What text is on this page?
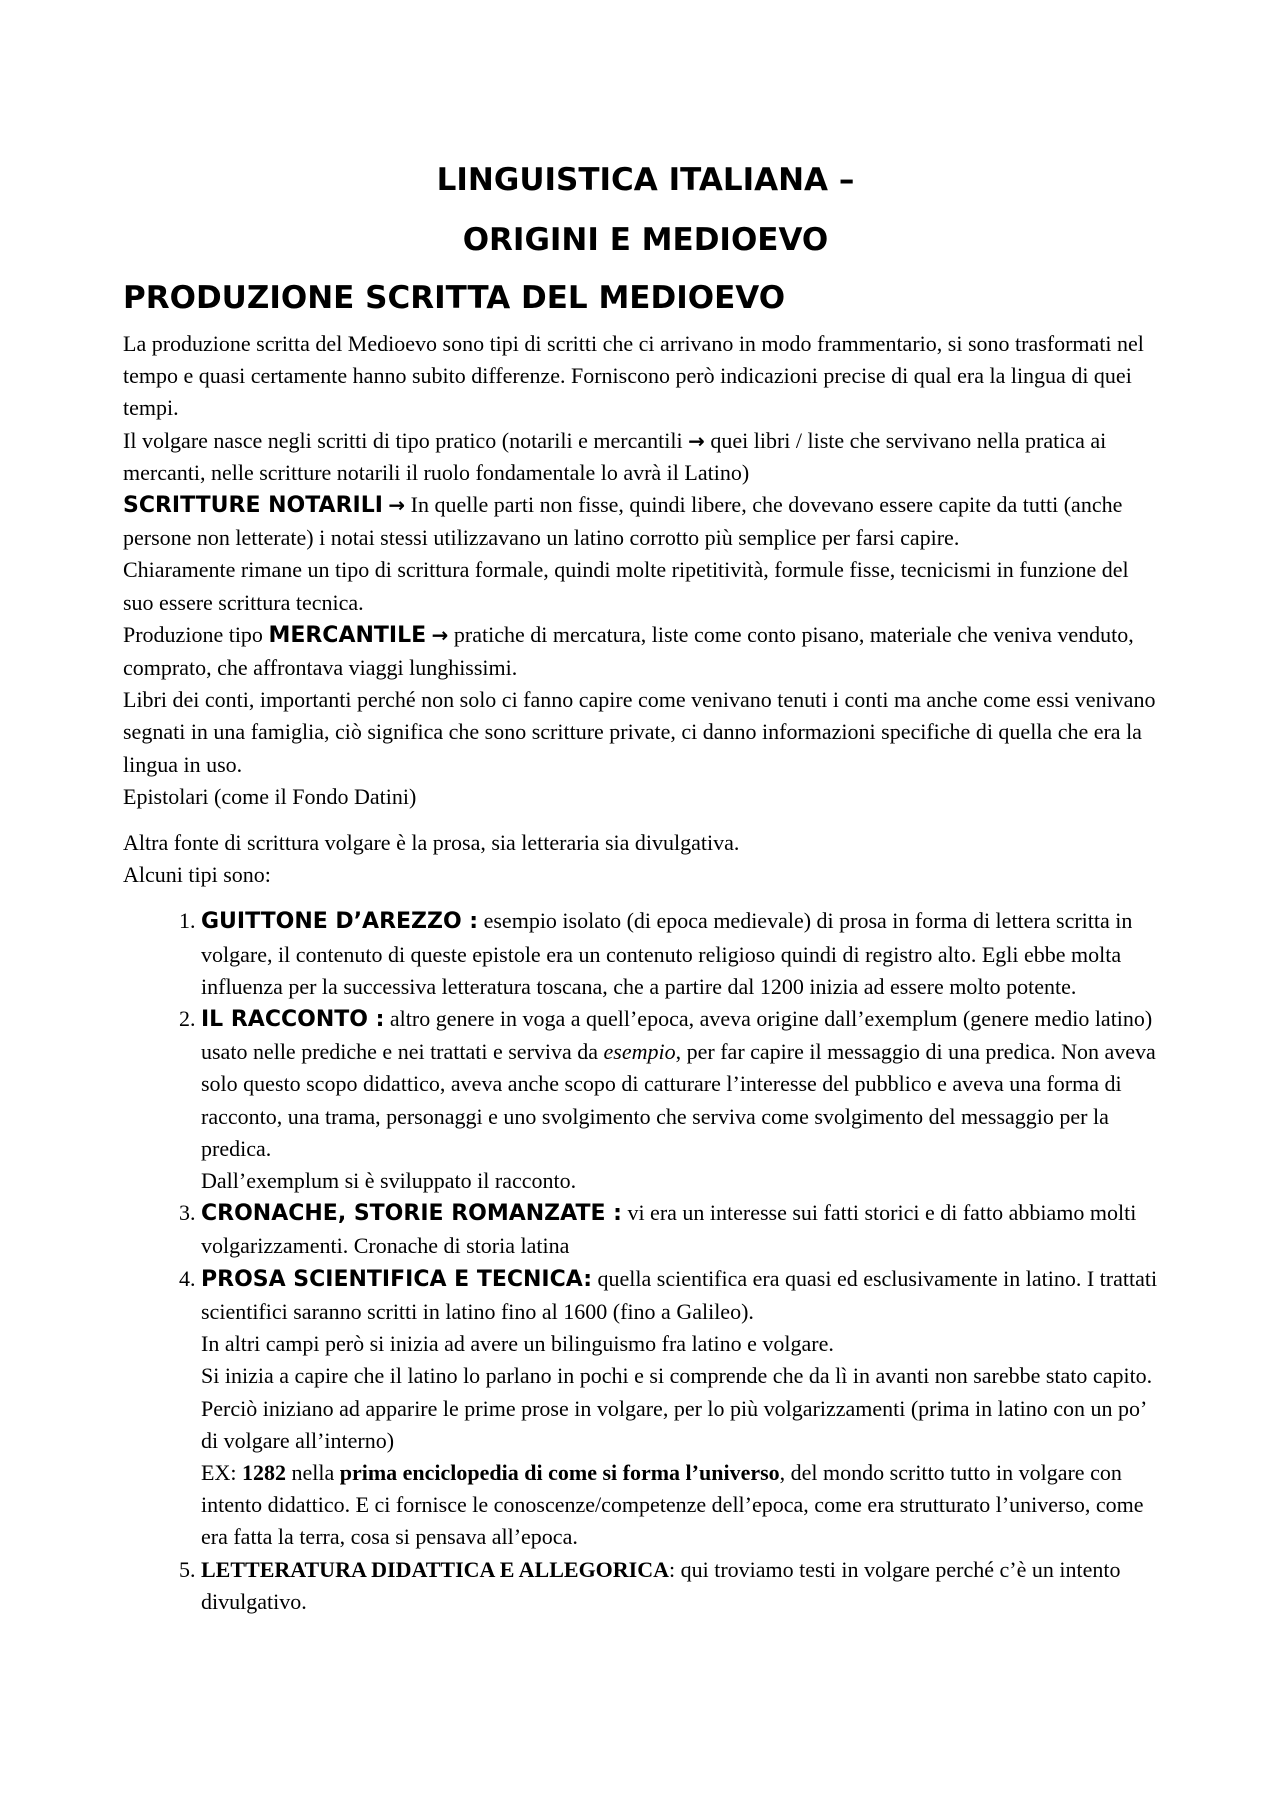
LINGUISTICA ITALIANA –
ORIGINI E MEDIOEVO
PRODUZIONE SCRITTA DEL MEDIOEVO

La produzione scritta del Medioevo sono tipi di scritti che ci arrivano in modo frammentario, si sono trasformati nel tempo e quasi certamente hanno subito differenze. Forniscono però indicazioni precise di qual era la lingua di quei tempi.

Il volgare nasce negli scritti di tipo pratico (notarili e mercantili → quei libri / liste che servivano nella pratica ai mercanti, nelle scritture notarili il ruolo fondamentale lo avrà il Latino)

SCRITTURE NOTARILI → In quelle parti non fisse, quindi libere, che dovevano essere capite da tutti (anche persone non letterate) i notai stessi utilizzavano un latino corrotto più semplice per farsi capire.

Chiaramente rimane un tipo di scrittura formale, quindi molte ripetitività, formule fisse, tecnicismi in funzione del suo essere scrittura tecnica.

Produzione tipo MERCANTILE → pratiche di mercatura, liste come conto pisano, materiale che veniva venduto, comprato, che affrontava viaggi lunghissimi.

Libri dei conti, importanti perché non solo ci fanno capire come venivano tenuti i conti ma anche come essi venivano segnati in una famiglia, ciò significa che sono scritture private, ci danno informazioni specifiche di quella che era la lingua in uso.

Epistolari (come il Fondo Datini)

Altra fonte di scrittura volgare è la prosa, sia letteraria sia divulgativa.

Alcuni tipi sono:

1. GUITTONE D’AREZZO : esempio isolato (di epoca medievale) di prosa in forma di lettera scritta in volgare, il contenuto di queste epistole era un contenuto religioso quindi di registro alto. Egli ebbe molta influenza per la successiva letteratura toscana, che a partire dal 1200 inizia ad essere molto potente.
2. IL RACCONTO : altro genere in voga a quell’epoca, aveva origine dall’exemplum (genere medio latino) usato nelle prediche e nei trattati e serviva da esempio, per far capire il messaggio di una predica. Non aveva solo questo scopo didattico, aveva anche scopo di catturare l’interesse del pubblico e aveva una forma di racconto, una trama, personaggi e uno svolgimento che serviva come svolgimento del messaggio per la predica.
Dall’exemplum si è sviluppato il racconto.
3. CRONACHE, STORIE ROMANZATE : vi era un interesse sui fatti storici e di fatto abbiamo molti volgarizzamenti. Cronache di storia latina
4. PROSA SCIENTIFICA E TECNICA: quella scientifica era quasi ed esclusivamente in latino. I trattati scientifici saranno scritti in latino fino al 1600 (fino a Galileo).
In altri campi però si inizia ad avere un bilinguismo fra latino e volgare.
Si inizia a capire che il latino lo parlano in pochi e si comprende che da lì in avanti non sarebbe stato capito. Perciò iniziano ad apparire le prime prose in volgare, per lo più volgarizzamenti (prima in latino con un po’ di volgare all’interno)
EX: 1282 nella prima enciclopedia di come si forma l’universo, del mondo scritto tutto in volgare con intento didattico. E ci fornisce le conoscenze/competenze dell’epoca, come era strutturato l’universo, come era fatta la terra, cosa si pensava all’epoca.
5. LETTERATURA DIDATTICA E ALLEGORICA: qui troviamo testi in volgare perché c’è un intento divulgativo.
